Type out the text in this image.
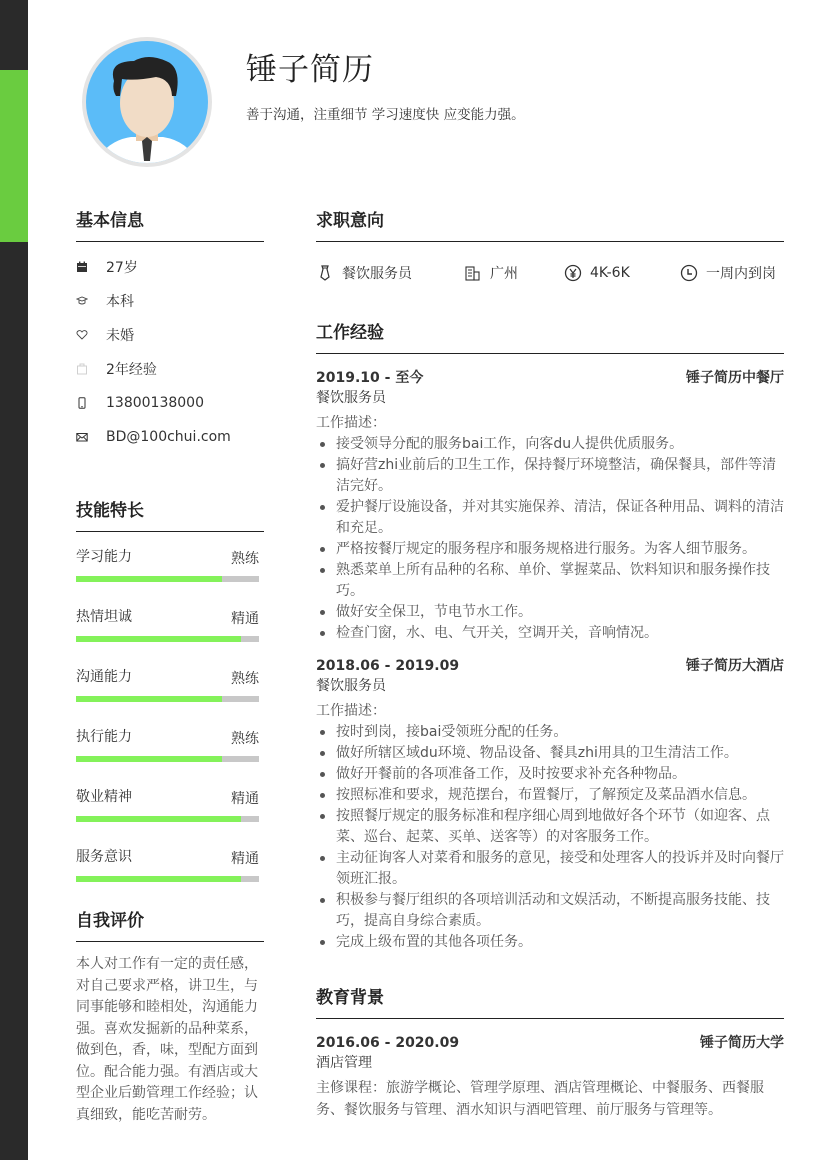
锤子简历
善于沟通，注重细节 学习速度快 应变能力强。
基本信息
27岁
本科
未婚
2年经验
13800138000
BD@100chui.com
技能特长
学习能力	熟练
热情坦诚	精通
沟通能力	熟练
执行能力	熟练
敬业精神	精通
服务意识	精通
自我评价
本人对工作有一定的责任感，对自己要求严格，讲卫生，与同事能够和睦相处，沟通能力强。喜欢发掘新的品种菜系，做到色，香，味，型配方面到位。配合能力强。有酒店或大型企业后勤管理工作经验；认真细致，能吃苦耐劳。
求职意向
餐饮服务员	广州	4K-6K	一周内到岗
工作经验
2019.10 - 至今	锤子简历中餐厅
餐饮服务员
工作描述：
接受领导分配的服务bai工作，向客du人提供优质服务。
搞好营zhi业前后的卫生工作，保持餐厅环境整洁，确保餐具，部件等清洁完好。
爱护餐厅设施设备，并对其实施保养、清洁，保证各种用品、调料的清洁和充足。
严格按餐厅规定的服务程序和服务规格进行服务。为客人细节服务。
熟悉菜单上所有品种的名称、单价、掌握菜品、饮料知识和服务操作技巧。
做好安全保卫，节电节水工作。
检查门窗，水、电、气开关，空调开关，音响情况。
2018.06 - 2019.09	锤子简历大酒店
餐饮服务员
工作描述：
按时到岗，接bai受领班分配的任务。
做好所辖区域du环境、物品设备、餐具zhi用具的卫生清洁工作。
做好开餐前的各项准备工作，及时按要求补充各种物品。
按照标准和要求，规范摆台，布置餐厅，了解预定及菜品酒水信息。
按照餐厅规定的服务标准和程序细心周到地做好各个环节（如迎客、点菜、巡台、起菜、买单、送客等）的对客服务工作。
主动征询客人对菜肴和服务的意见，接受和处理客人的投诉并及时向餐厅领班汇报。
积极参与餐厅组织的各项培训活动和文娱活动，不断提高服务技能、技巧，提高自身综合素质。
完成上级布置的其他各项任务。
教育背景
2016.06 - 2020.09	锤子简历大学
酒店管理
主修课程：旅游学概论、管理学原理、酒店管理概论、中餐服务、西餐服务、餐饮服务与管理、酒水知识与酒吧管理、前厅服务与管理等。
